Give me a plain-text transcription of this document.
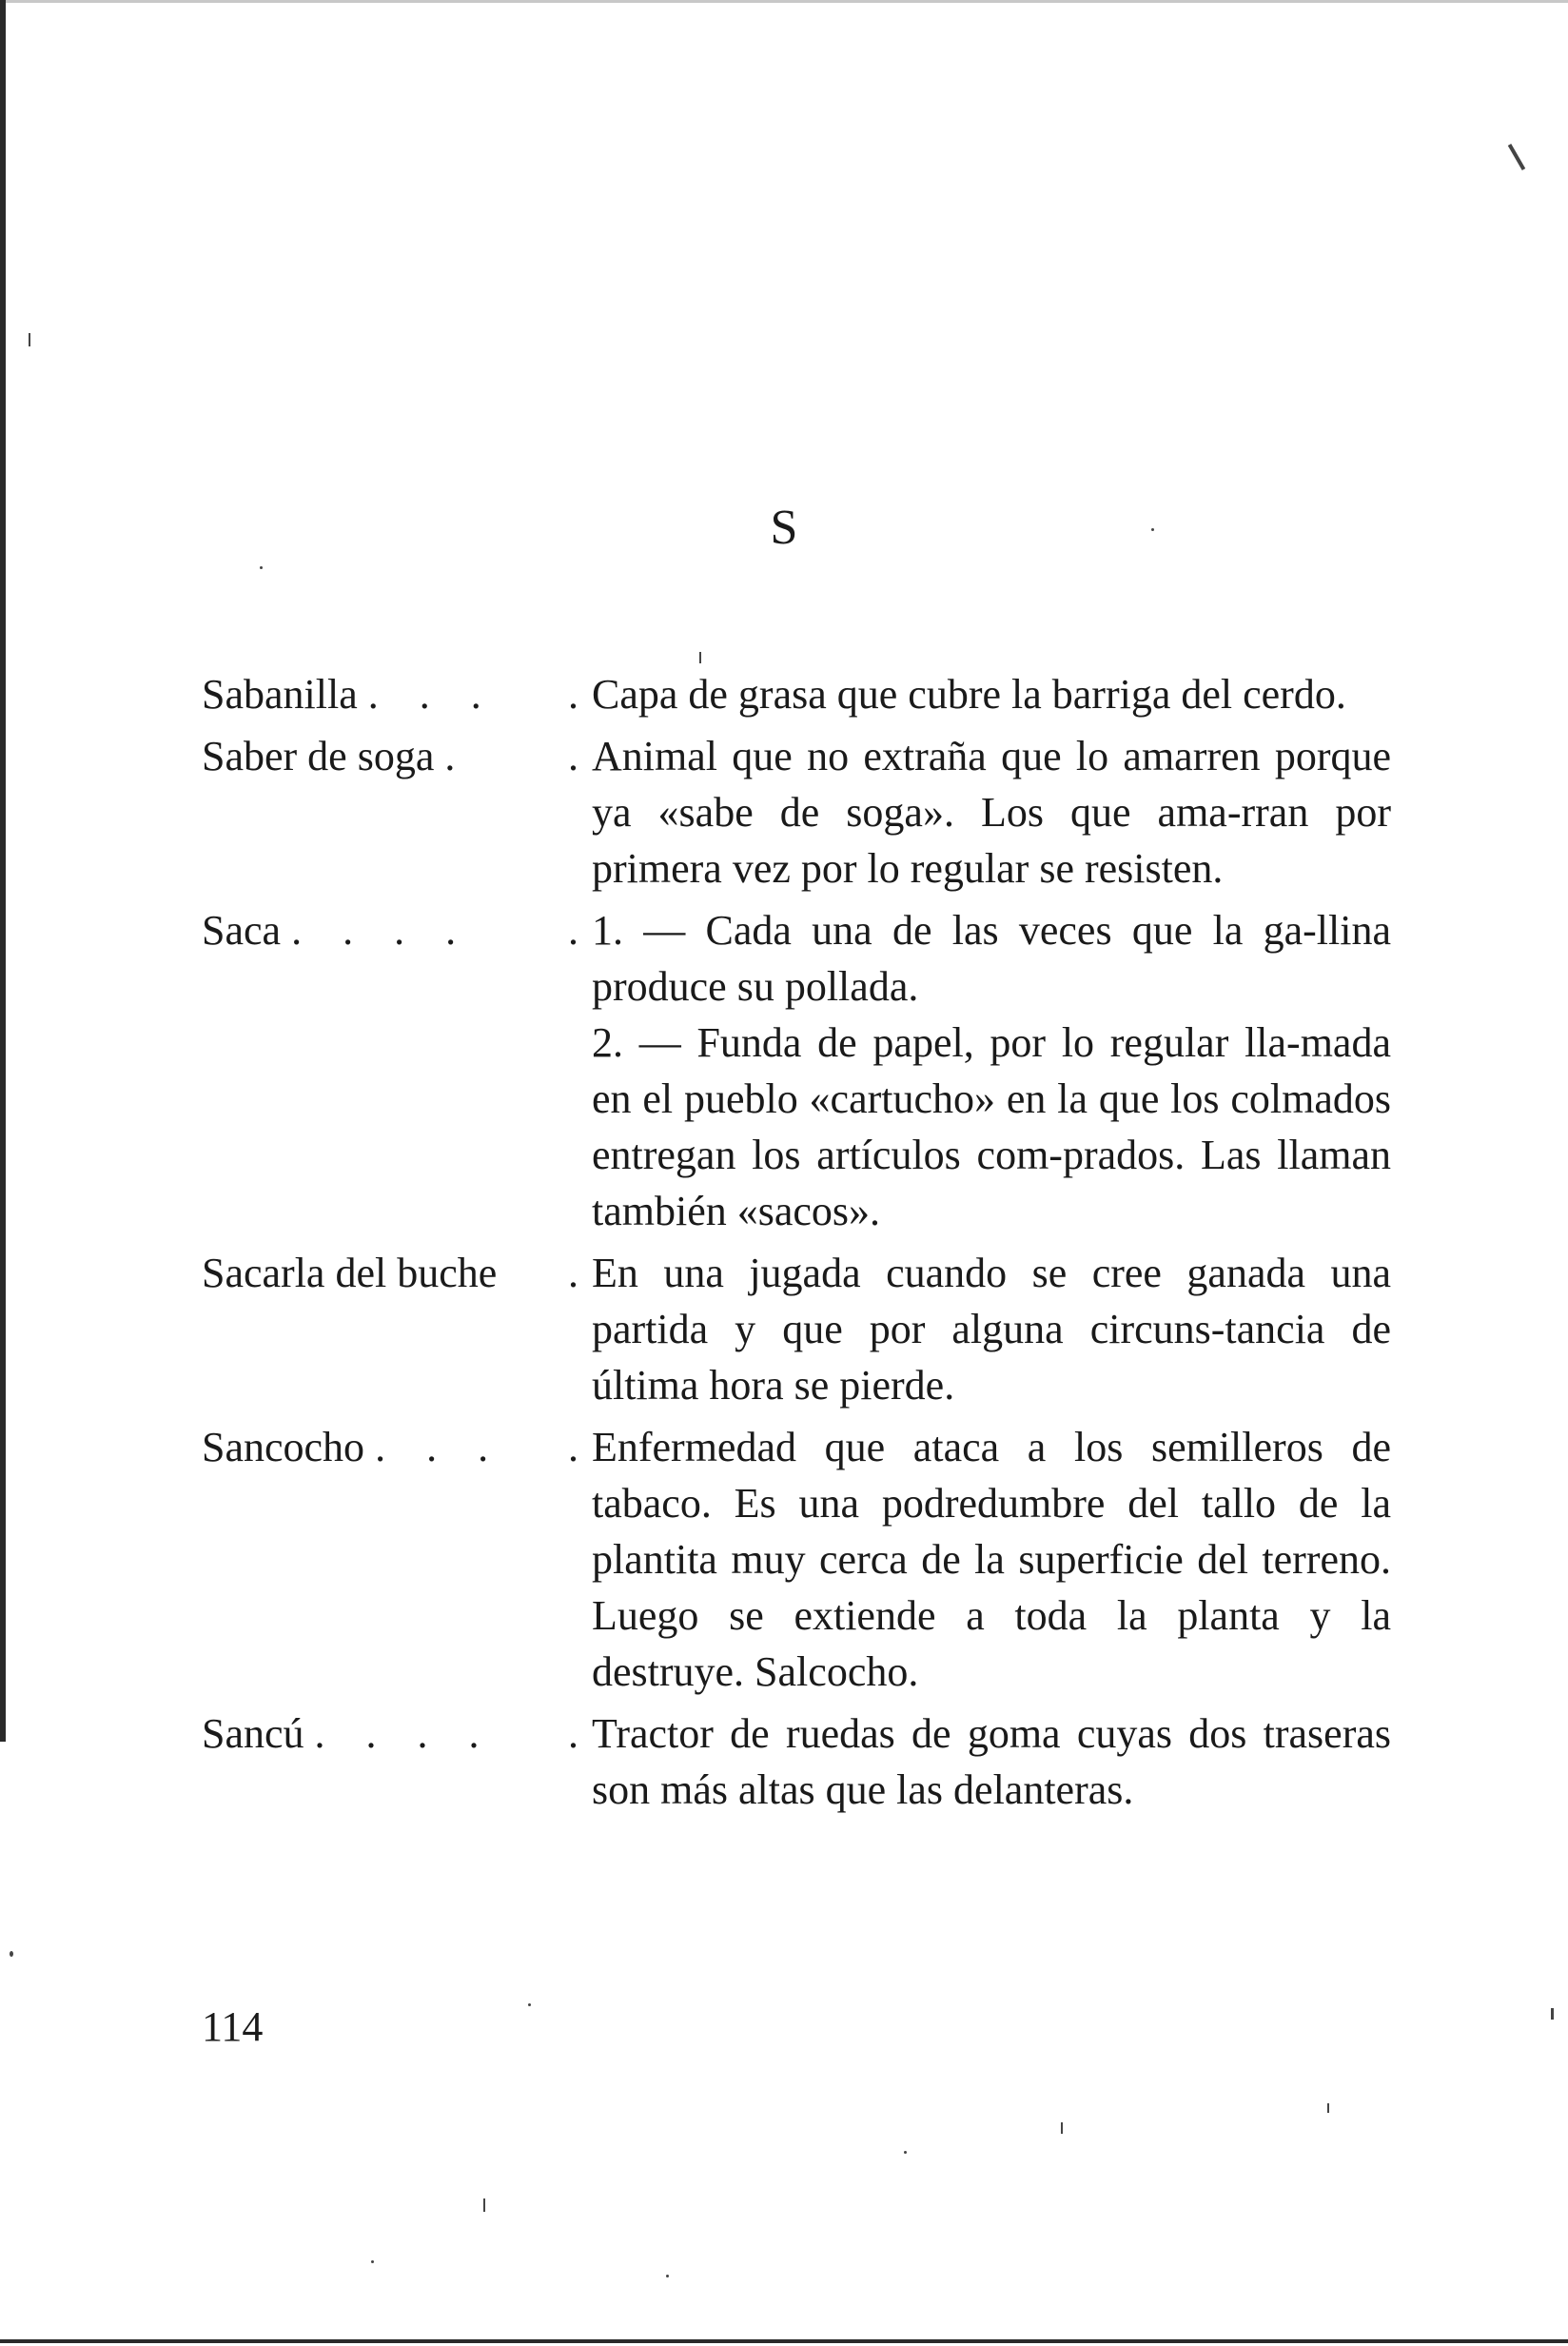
S
Sabanilla . . .	. Capa de grasa que cubre la barriga del cerdo.
Saber de soga .	. Animal que no extraña que lo amarren porque ya «sabe de soga». Los que ama-rran por primera vez por lo regular se resisten.
Saca . . . .	. 1. — Cada una de las veces que la ga-llina produce su pollada.
2. — Funda de papel, por lo regular lla-mada en el pueblo «cartucho» en la que los colmados entregan los artículos com-prados. Las llaman también «sacos».
Sacarla del buche	. En una jugada cuando se cree ganada una partida y que por alguna circuns-tancia de última hora se pierde.
Sancocho . . .	. Enfermedad que ataca a los semilleros de tabaco. Es una podredumbre del tallo de la plantita muy cerca de la superficie del terreno. Luego se extiende a toda la planta y la destruye. Salcocho.
Sancú . . . .	. Tractor de ruedas de goma cuyas dos traseras son más altas que las delanteras.
114
